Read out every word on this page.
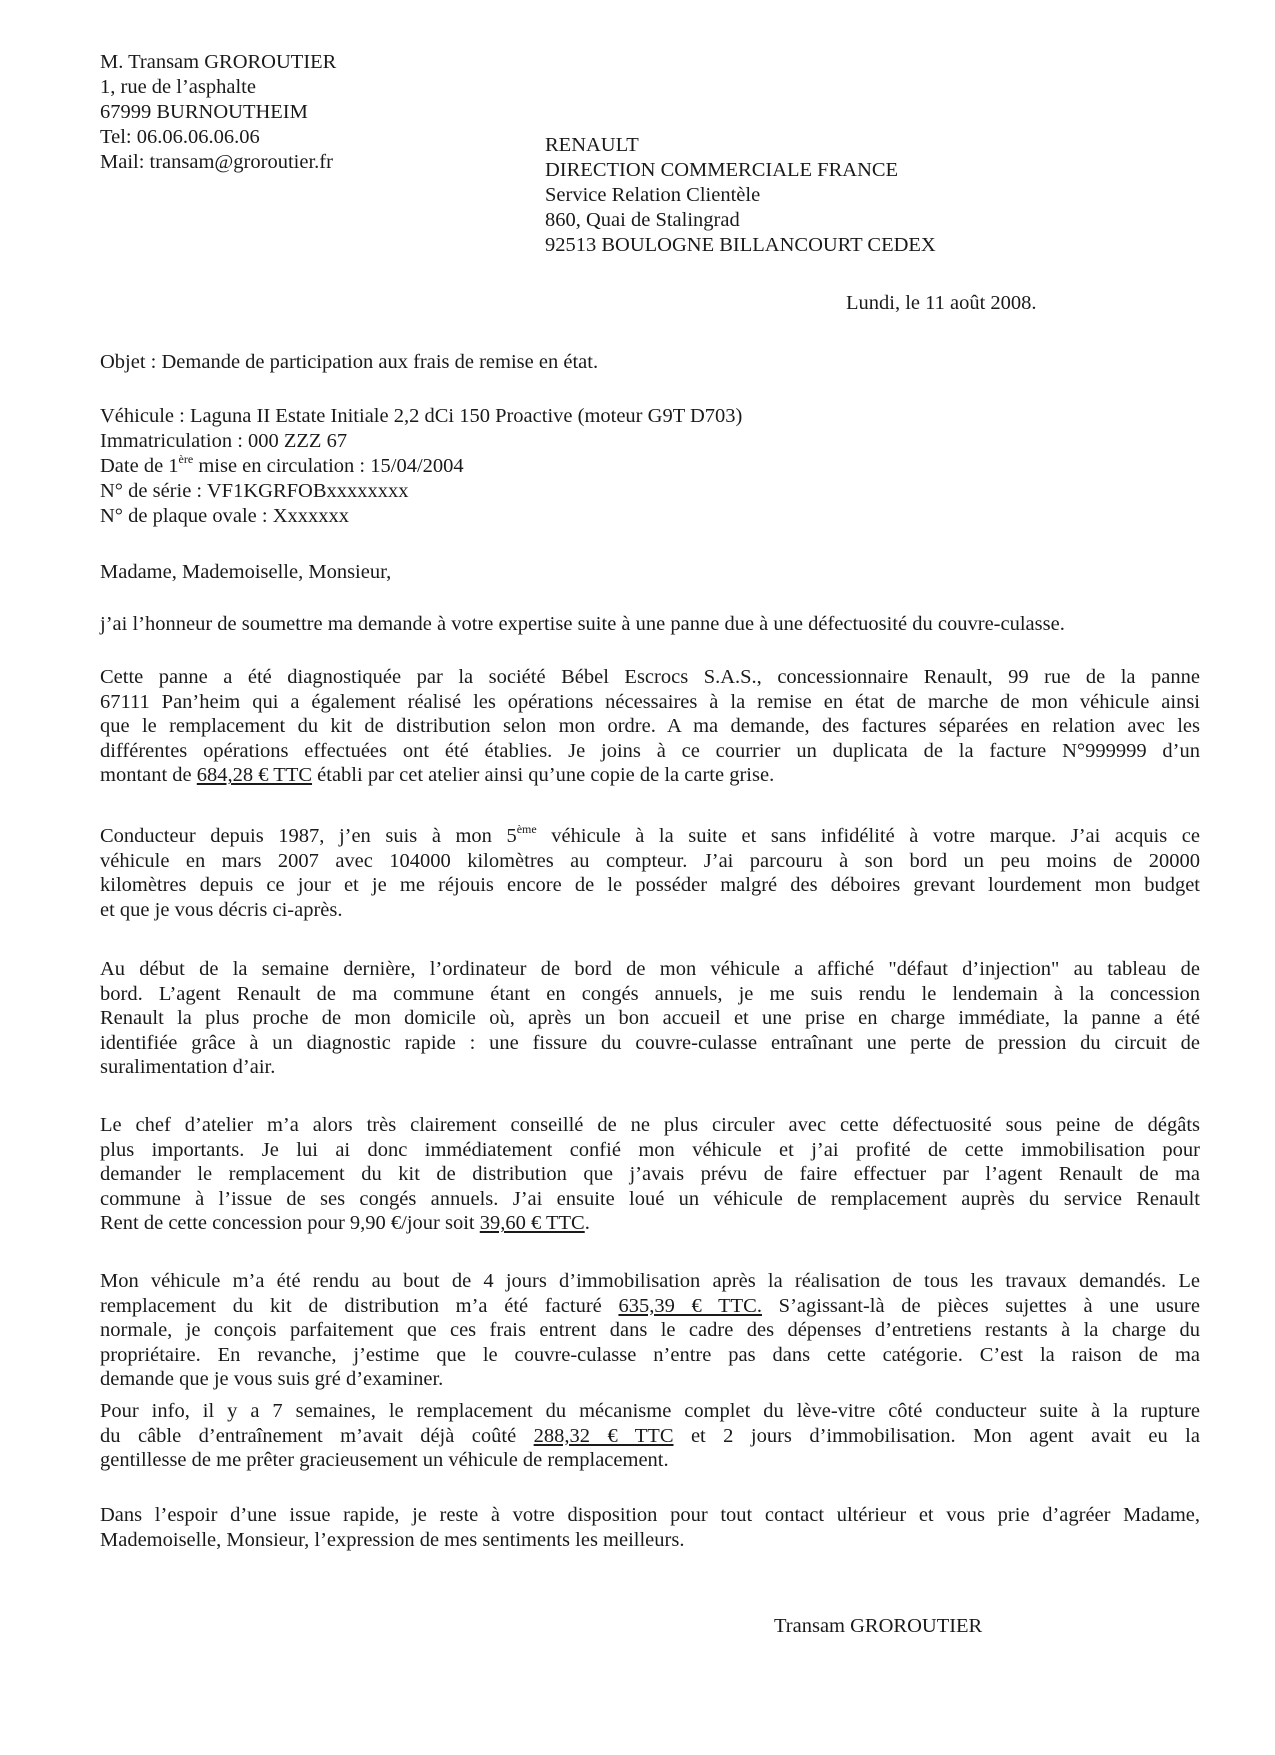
M. Transam GROROUTIER
1, rue de l’asphalte
67999 BURNOUTHEIM
Tel: 06.06.06.06.06
Mail: transam@groroutier.fr
RENAULT
DIRECTION COMMERCIALE FRANCE
Service Relation Clientèle
860, Quai de Stalingrad
92513 BOULOGNE BILLANCOURT CEDEX
Lundi, le 11 août 2008.
Objet : Demande de participation aux frais de remise en état.
Véhicule : Laguna II Estate Initiale 2,2 dCi 150 Proactive (moteur G9T D703)
Immatriculation : 000 ZZZ 67
Date de 1ère mise en circulation : 15/04/2004
N° de série : VF1KGRFOBxxxxxxxx
N° de plaque ovale : Xxxxxxx
Madame, Mademoiselle, Monsieur,
j’ai l’honneur de soumettre ma demande à votre expertise suite à une panne due à une défectuosité du couvre-culasse.
Cette panne a été diagnostiquée par la société Bébel Escrocs S.A.S., concessionnaire Renault, 99 rue de la panne
67111 Pan’heim qui a également réalisé les opérations nécessaires à la remise en état de marche de mon véhicule ainsi
que le remplacement du kit de distribution selon mon ordre. A ma demande, des factures séparées en relation avec les
différentes opérations effectuées ont été établies. Je joins à ce courrier un duplicata de la facture N°999999 d’un
montant de 684,28 € TTC établi par cet atelier ainsi qu’une copie de la carte grise.
Conducteur depuis 1987, j’en suis à mon 5ème véhicule à la suite et sans infidélité à votre marque. J’ai acquis ce
véhicule en mars 2007 avec 104000 kilomètres au compteur. J’ai parcouru à son bord un peu moins de 20000
kilomètres depuis ce jour et je me réjouis encore de le posséder malgré des déboires grevant lourdement mon budget
et que je vous décris ci-après.
Au début de la semaine dernière, l’ordinateur de bord de mon véhicule a affiché "défaut d’injection" au tableau de
bord. L’agent Renault de ma commune étant en congés annuels, je me suis rendu le lendemain à la concession
Renault la plus proche de mon domicile où, après un bon accueil et une prise en charge immédiate, la panne a été
identifiée grâce à un diagnostic rapide : une fissure du couvre-culasse entraînant une perte de pression du circuit de
suralimentation d’air.
Le chef d’atelier m’a alors très clairement conseillé de ne plus circuler avec cette défectuosité sous peine de dégâts
plus importants. Je lui ai donc immédiatement confié mon véhicule et j’ai profité de cette immobilisation pour
demander le remplacement du kit de distribution que j’avais prévu de faire effectuer par l’agent Renault de ma
commune à l’issue de ses congés annuels. J’ai ensuite loué un véhicule de remplacement auprès du service Renault
Rent de cette concession pour 9,90 €/jour soit 39,60 € TTC.
Mon véhicule m’a été rendu au bout de 4 jours d’immobilisation après la réalisation de tous les travaux demandés. Le
remplacement du kit de distribution m’a été facturé 635,39 € TTC. S’agissant-là de pièces sujettes à une usure
normale, je conçois parfaitement que ces frais entrent dans le cadre des dépenses d’entretiens restants à la charge du
propriétaire. En revanche, j’estime que le couvre-culasse n’entre pas dans cette catégorie. C’est la raison de ma
demande que je vous suis gré d’examiner.
Pour info, il y a 7 semaines, le remplacement du mécanisme complet du lève-vitre côté conducteur suite à la rupture
du câble d’entraînement m’avait déjà coûté 288,32 € TTC et 2 jours d’immobilisation. Mon agent avait eu la
gentillesse de me prêter gracieusement un véhicule de remplacement.
Dans l’espoir d’une issue rapide, je reste à votre disposition pour tout contact ultérieur et vous prie d’agréer Madame,
Mademoiselle, Monsieur, l’expression de mes sentiments les meilleurs.
Transam GROROUTIER
